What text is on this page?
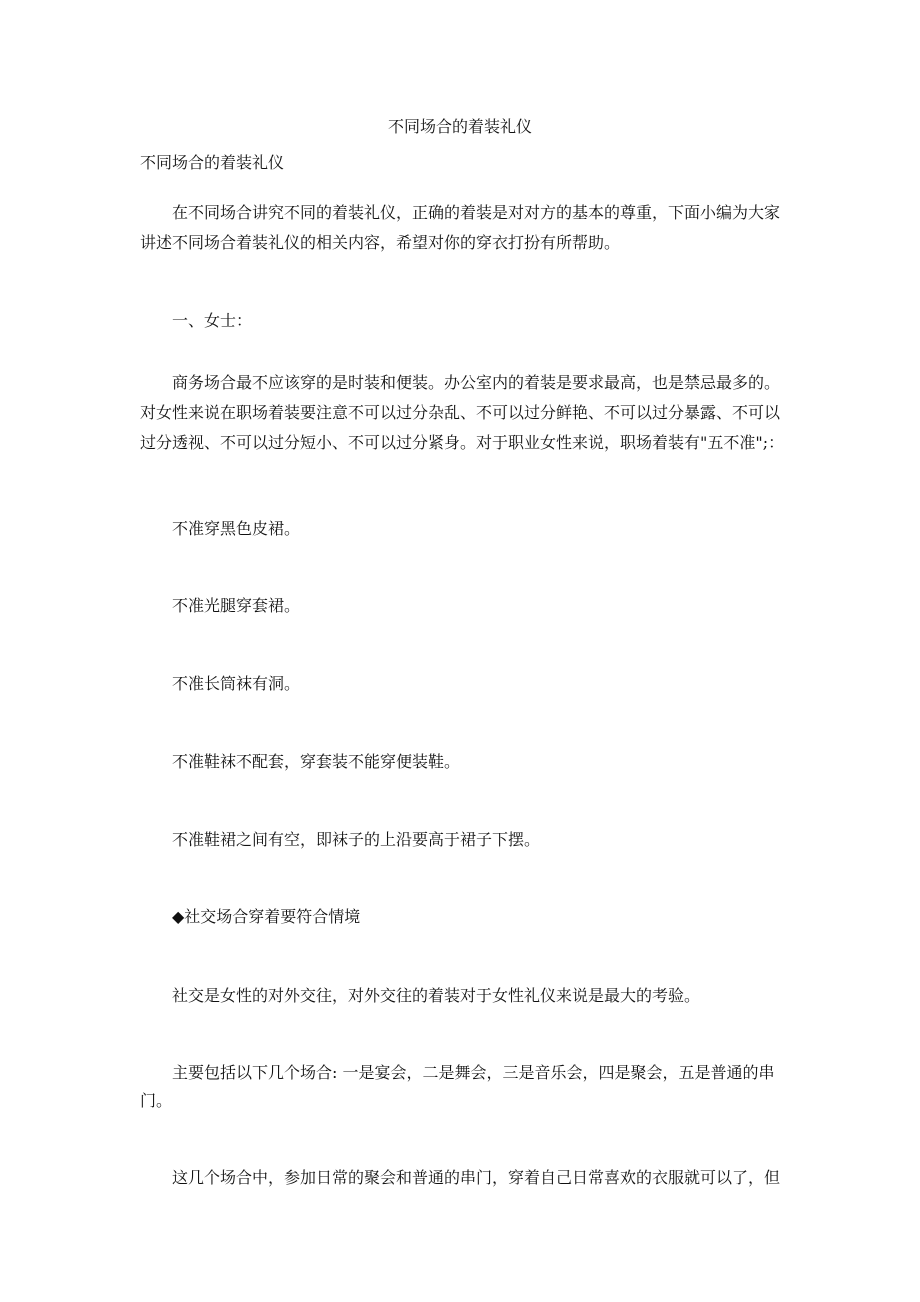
不同场合的着装礼仪
不同场合的着装礼仪
在不同场合讲究不同的着装礼仪，正确的着装是对对方的基本的尊重，下面小编为大家
讲述不同场合着装礼仪的相关内容，希望对你的穿衣打扮有所帮助。
一、女士：
商务场合最不应该穿的是时装和便装。办公室内的着装是要求最高，也是禁忌最多的。
对女性来说在职场着装要注意不可以过分杂乱、不可以过分鲜艳、不可以过分暴露、不可以
过分透视、不可以过分短小、不可以过分紧身。对于职业女性来说，职场着装有"五不准";：
不准穿黑色皮裙。
不准光腿穿套裙。
不准长筒袜有洞。
不准鞋袜不配套，穿套装不能穿便装鞋。
不准鞋裙之间有空，即袜子的上沿要高于裙子下摆。
◆社交场合穿着要符合情境
社交是女性的对外交往，对外交往的着装对于女性礼仪来说是最大的考验。
主要包括以下几个场合: 一是宴会，二是舞会，三是音乐会，四是聚会，五是普通的串
门。
这几个场合中，参加日常的聚会和普通的串门，穿着自己日常喜欢的衣服就可以了，但
